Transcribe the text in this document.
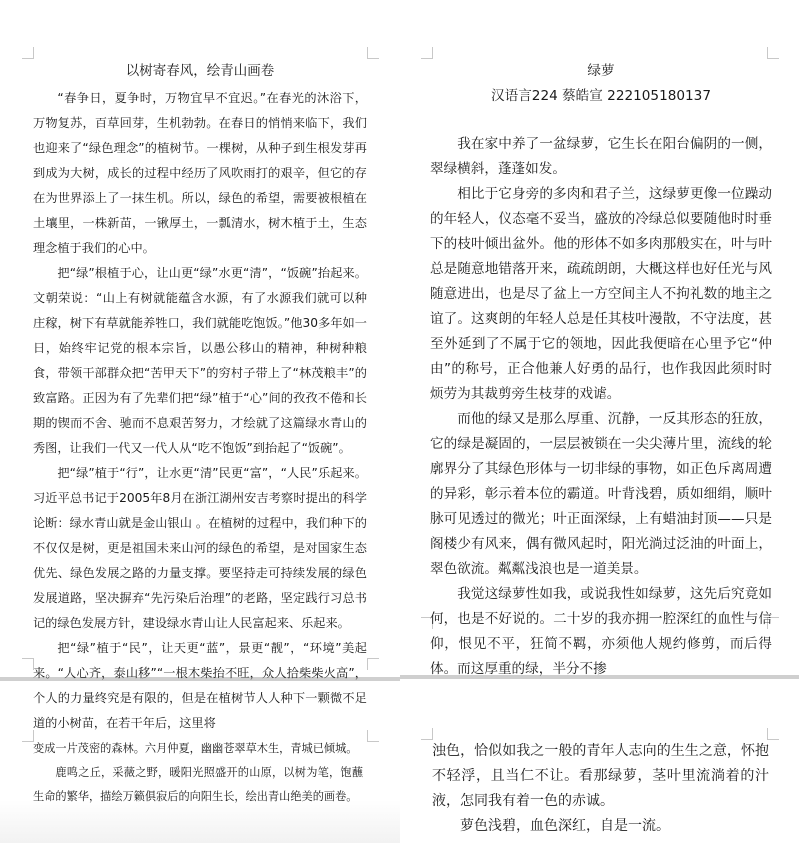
以树寄春风，绘青山画卷

“春争日，夏争时，万物宜早不宜迟。”在春光的沐浴下，万物复苏，百草回芽，生机勃勃。在春日的悄悄来临下，我们也迎来了“绿色理念”的植树节。一棵树，从种子到生根发芽再到成为大树，成长的过程中经历了风吹雨打的艰辛，但它的存在为世界添上了一抹生机。所以，绿色的希望，需要被根植在土壤里，一株新苗，一锹厚土，一瓢清水，树木植于土，生态理念植于我们的心中。

把“绿”根植于心，让山更“绿”水更“清”，“饭碗”抬起来。文朝荣说：“山上有树就能蕴含水源，有了水源我们就可以种庄稼，树下有草就能养牲口，我们就能吃饱饭。”他30多年如一日，始终牢记党的根本宗旨，以愚公移山的精神，种树种粮食，带领干部群众把“苦甲天下”的穷村子带上了“林茂粮丰”的致富路。正因为有了先辈们把“绿”植于“心”间的孜孜不倦和长期的锲而不舍、驰而不息艰苦努力，才绘就了这篇绿水青山的秀图，让我们一代又一代人从“吃不饱饭”到抬起了“饭碗”。

把“绿”植于“行”，让水更“清”民更“富”，“人民”乐起来。习近平总书记于2005年8月在浙江湖州安吉考察时提出的科学论断：绿水青山就是金山银山 。在植树的过程中，我们种下的不仅仅是树，更是祖国未来山河的绿色的希望，是对国家生态优先、绿色发展之路的力量支撑。要坚持走可持续发展的绿色发展道路，坚决摒弃“先污染后治理”的老路，坚定践行习总书记的绿色发展方针，建设绿水青山让人民富起来、乐起来。

把“绿”植于“民”，让天更“蓝”，景更“靓”，“环境”美起来。“人心齐，泰山移”“一根木柴抬不旺，众人拾柴柴火高”，个人的力量终究是有限的，但是在植树节人人种下一颗微不足道的小树苗，在若干年后，这里将

变成一片茂密的森林。六月仲夏，幽幽苍翠草木生，青城已倾城。

鹿鸣之丘，采薇之野，暖阳光照盛开的山原，以树为笔，饱蘸生命的繁华，描绘万籁俱寂后的向阳生长，绘出青山绝美的画卷。

绿萝

汉语言224 蔡皓宣 222105180137

我在家中养了一盆绿萝，它生长在阳台偏阴的一侧，翠绿横斜，蓬蓬如发。

相比于它身旁的多肉和君子兰，这绿萝更像一位躁动的年轻人，仪态毫不妥当，盛放的冷绿总似要随他时时垂下的枝叶倾出盆外。他的形体不如多肉那般实在，叶与叶总是随意地错落开来，疏疏朗朗，大概这样也好任光与风随意进出，也是尽了盆上一方空间主人不拘礼数的地主之谊了。这爽朗的年轻人总是任其枝叶漫散，不守法度，甚至外延到了不属于它的领地，因此我便暗在心里予它“仲由”的称号，正合他兼人好勇的品行，也作我因此须时时烦劳为其裁剪旁生枝芽的戏谑。

而他的绿又是那么厚重、沉静，一反其形态的狂放，它的绿是凝固的，一层层被锁在一尖尖薄片里，流线的轮廓界分了其绿色形体与一切非绿的事物，如正色斥离周遭的异彩，彰示着本位的霸道。叶背浅碧，质如细绢，顺叶脉可见透过的微光；叶正面深绿，上有蜡油封顶——只是阁楼少有风来，偶有微风起时，阳光淌过泛油的叶面上，翠色欲流。粼粼浅浪也是一道美景。

我觉这绿萝性如我，或说我性如绿萝，这先后究竟如何，也是不好说的。二十岁的我亦拥一腔深红的血性与信仰，恨见不平，狂简不羁，亦须他人规约修剪，而后得体。而这厚重的绿，半分不掺

浊色，恰似如我之一般的青年人志向的生生之意，怀抱不轻浮，且当仁不让。看那绿萝，茎叶里流淌着的汁液，怎同我有着一色的赤诚。

萝色浅碧，血色深红，自是一流。
